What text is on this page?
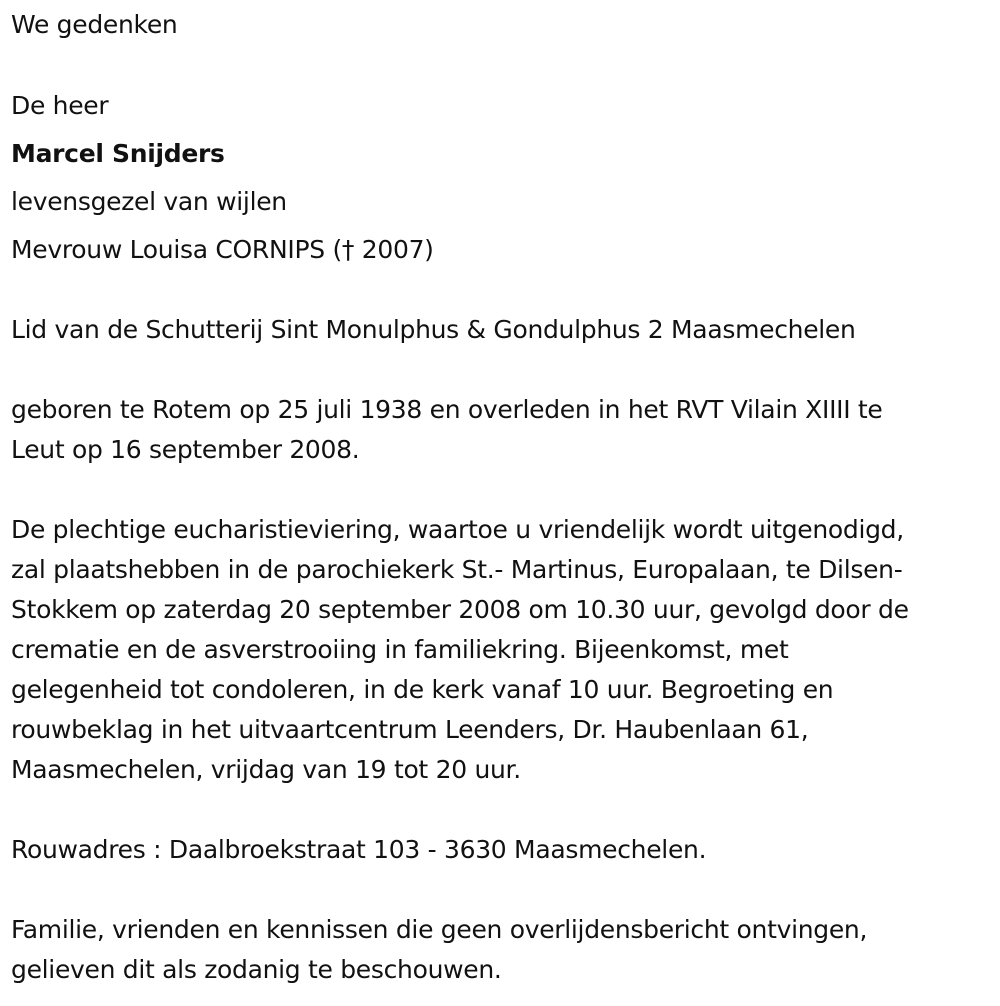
We gedenken
De heer
Marcel Snijders
levensgezel van wijlen
Mevrouw Louisa CORNIPS († 2007)
Lid van de Schutterij Sint Monulphus & Gondulphus 2 Maasmechelen
geboren te Rotem op 25 juli 1938 en overleden in het RVT Vilain XIIII te
Leut op 16 september 2008.
De plechtige eucharistieviering, waartoe u vriendelijk wordt uitgenodigd,
zal plaatshebben in de parochiekerk St.- Martinus, Europalaan, te Dilsen-
Stokkem op zaterdag 20 september 2008 om 10.30 uur, gevolgd door de
crematie en de asverstrooiing in familiekring. Bijeenkomst, met
gelegenheid tot condoleren, in de kerk vanaf 10 uur. Begroeting en
rouwbeklag in het uitvaartcentrum Leenders, Dr. Haubenlaan 61,
Maasmechelen, vrijdag van 19 tot 20 uur.
Rouwadres : Daalbroekstraat 103 - 3630 Maasmechelen.
Familie, vrienden en kennissen die geen overlijdensbericht ontvingen,
gelieven dit als zodanig te beschouwen.
